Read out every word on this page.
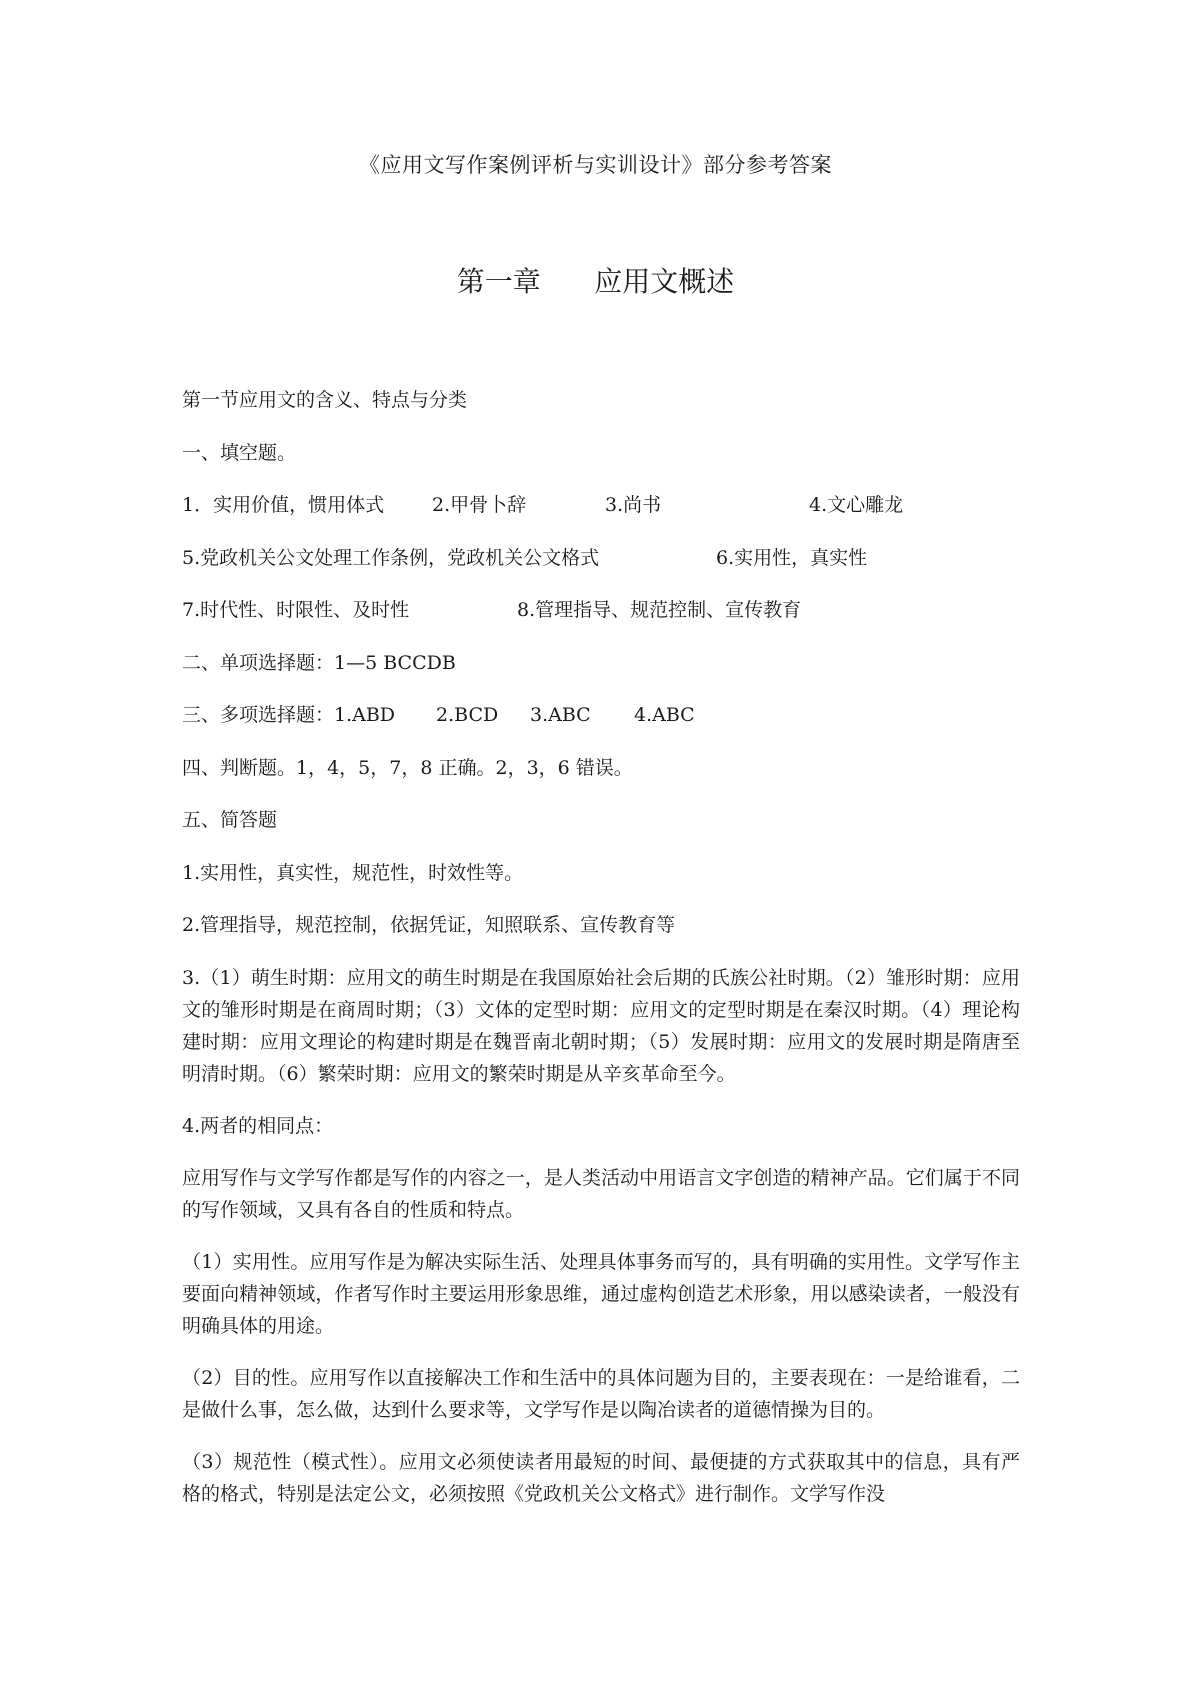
《应用文写作案例评析与实训设计》部分参考答案
第一章      应用文概述
第一节应用文的含义、特点与分类
一、填空题。
1．实用价值，惯用体式	2.甲骨卜辞	3.尚书	4.文心雕龙
5.党政机关公文处理工作条例，党政机关公文格式	6.实用性，真实性
7.时代性、时限性、及时性	8.管理指导、规范控制、宣传教育
二、单项选择题：1—5 BCCDB
三、多项选择题：1.ABD 2.BCD 3.ABC 4.ABC
四、判断题。1，4，5，7，8 正确。2，3，6 错误。
五、简答题
1.实用性，真实性，规范性，时效性等。
2.管理指导，规范控制，依据凭证，知照联系、宣传教育等
3.（1）萌生时期：应用文的萌生时期是在我国原始社会后期的氏族公社时期。（2）雏形时期：应用文的雏形时期是在商周时期；（3）文体的定型时期：应用文的定型时期是在秦汉时期。（4）理论构建时期：应用文理论的构建时期是在魏晋南北朝时期；（5）发展时期：应用文的发展时期是隋唐至明清时期。（6）繁荣时期：应用文的繁荣时期是从辛亥革命至今。
4.两者的相同点：
应用写作与文学写作都是写作的内容之一，是人类活动中用语言文字创造的精神产品。它们属于不同的写作领域，又具有各自的性质和特点。
（1）实用性。应用写作是为解决实际生活、处理具体事务而写的，具有明确的实用性。文学写作主要面向精神领域，作者写作时主要运用形象思维，通过虚构创造艺术形象，用以感染读者，一般没有明确具体的用途。
（2）目的性。应用写作以直接解决工作和生活中的具体问题为目的，主要表现在：一是给谁看，二是做什么事，怎么做，达到什么要求等，文学写作是以陶冶读者的道德情操为目的。
（3）规范性（模式性）。应用文必须使读者用最短的时间、最便捷的方式获取其中的信息，具有严格的格式，特别是法定公文，必须按照《党政机关公文格式》进行制作。文学写作没
